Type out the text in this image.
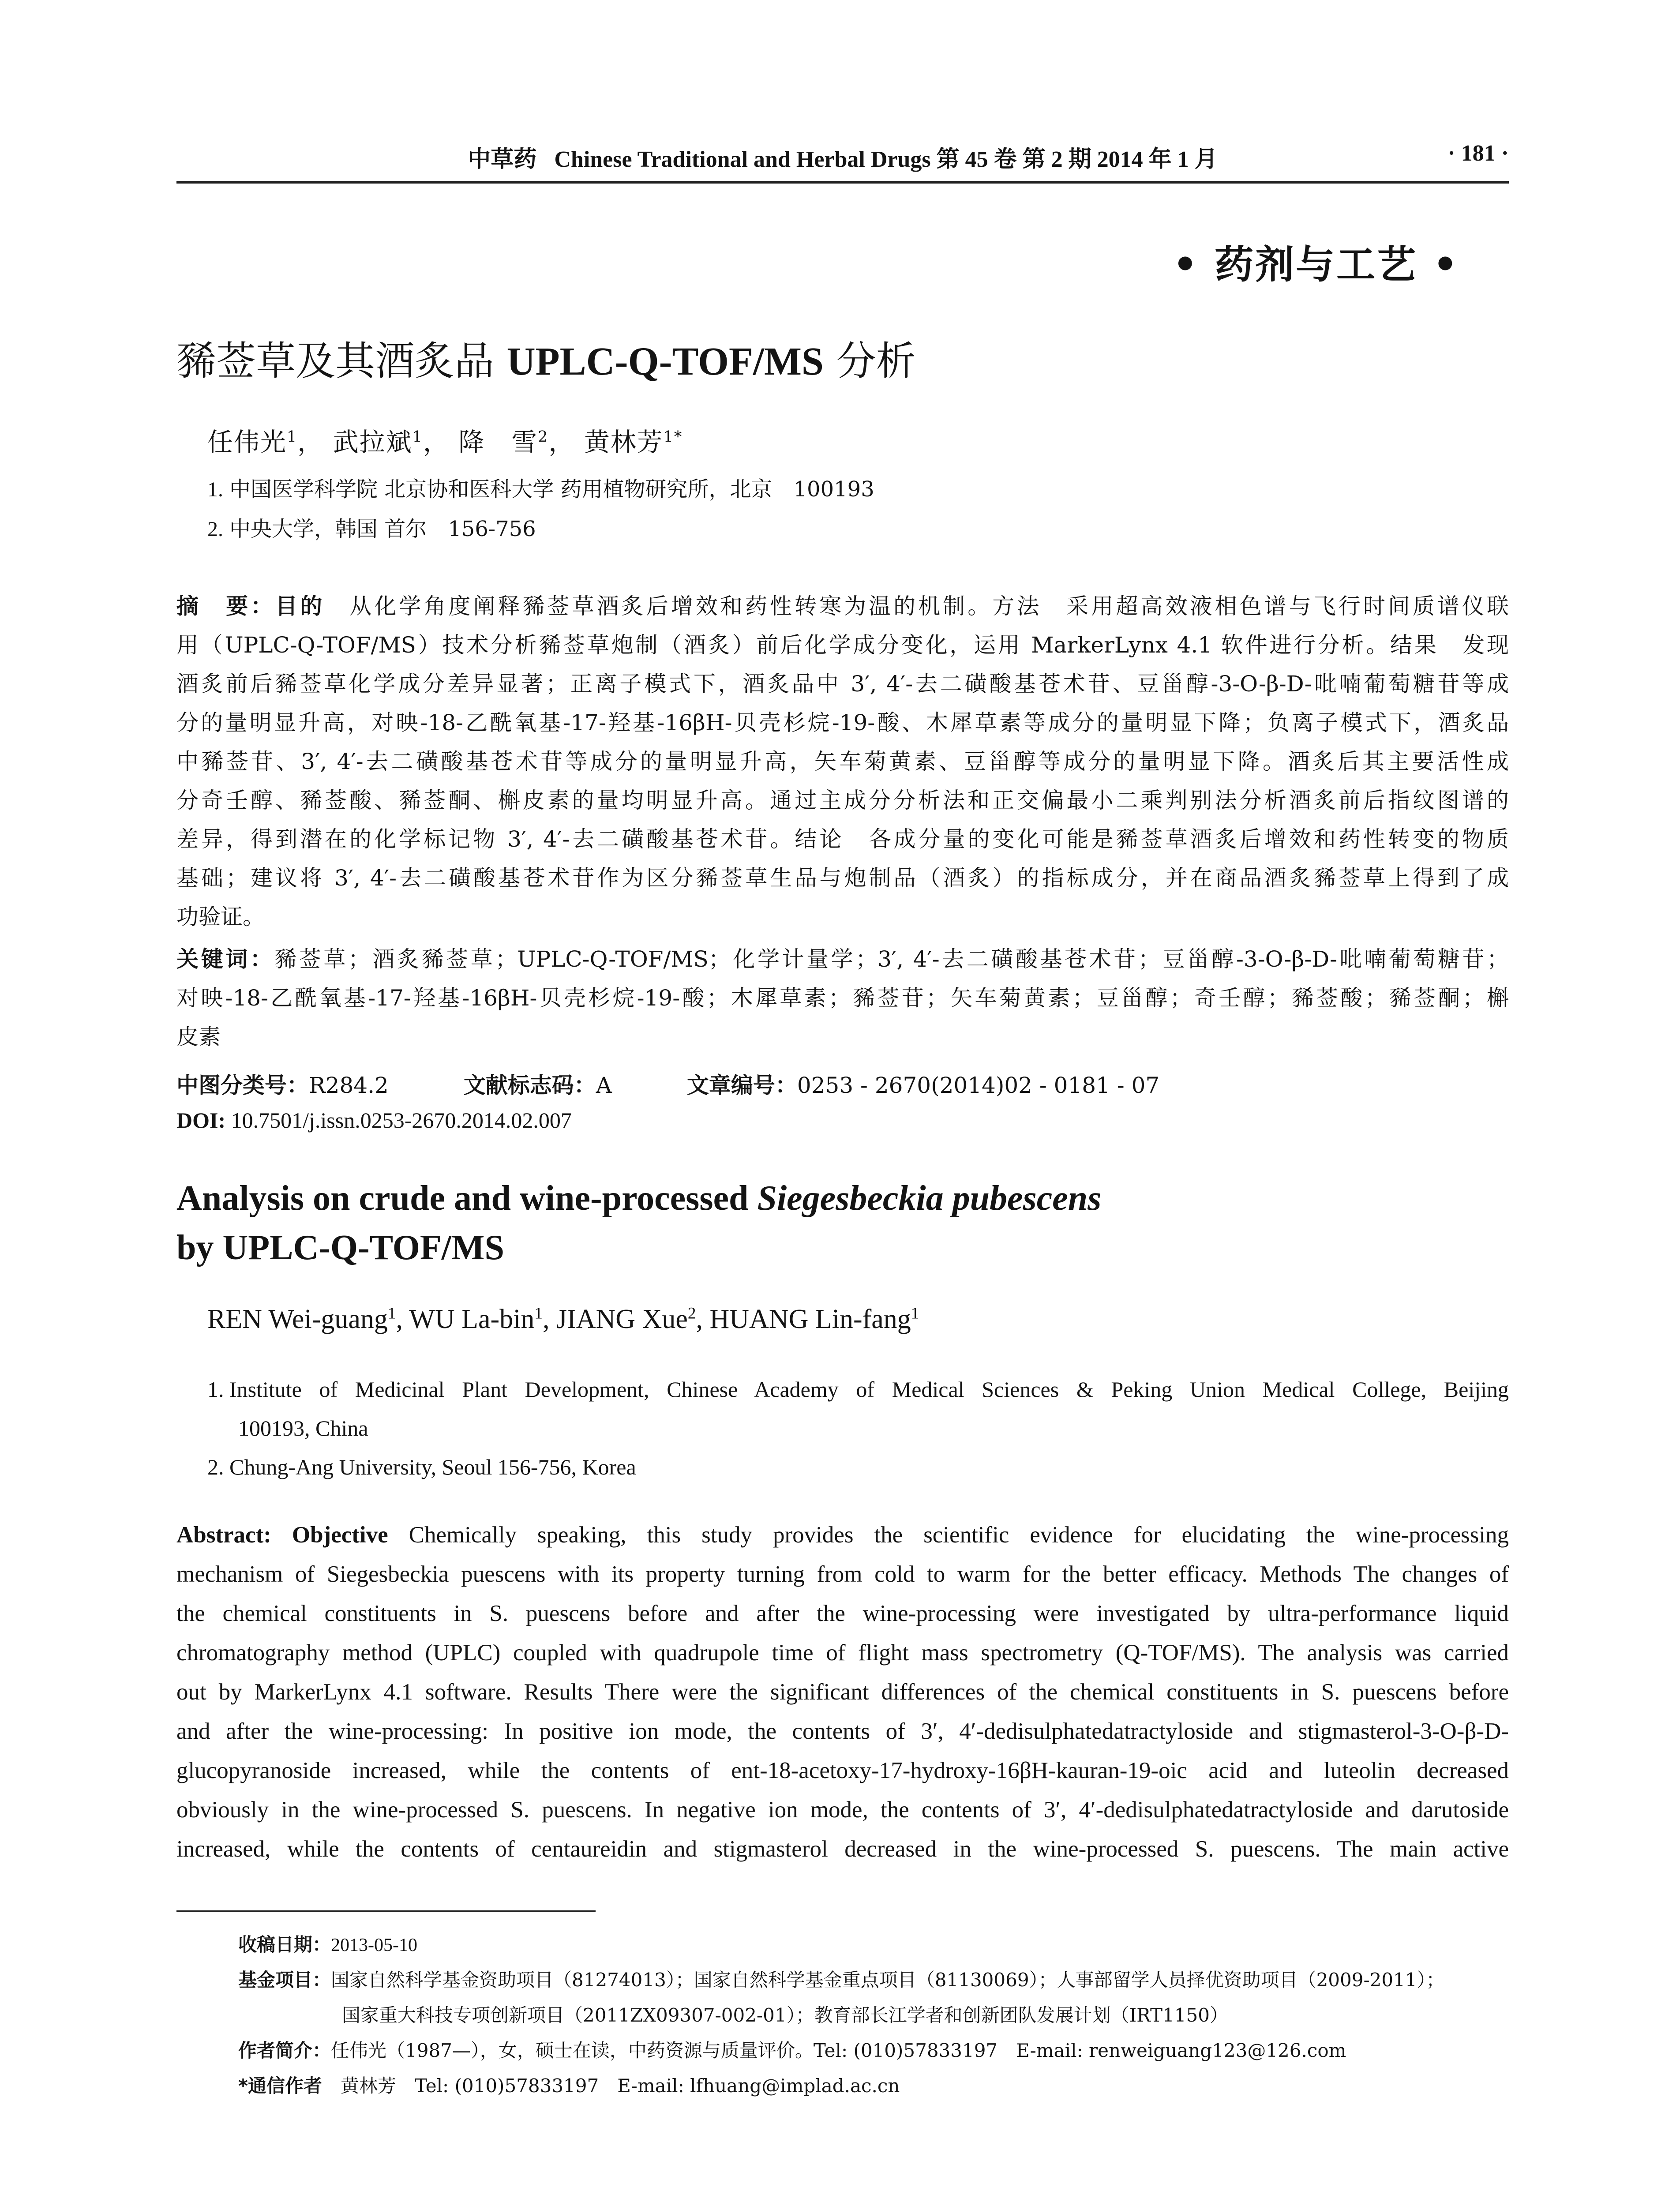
中草药 Chinese Traditional and Herbal Drugs 第 45 卷 第 2 期 2014 年 1 月	· 181 ·
• 药剂与工艺 •
豨莶草及其酒炙品 UPLC-Q-TOF/MS 分析
任伟光$^1$， 武拉斌$^1$， 降　雪$^2$， 黄林芳$^{1*}$
1. 中国医学科学院 北京协和医科大学 药用植物研究所，北京　100193
2. 中央大学，韩国 首尔　156-756
摘　要：目的　从化学角度阐释豨莶草酒炙后增效和药性转寒为温的机制。方法　采用超高效液相色谱与飞行时间质谱仪联
用（UPLC-Q-TOF/MS）技术分析豨莶草炮制（酒炙）前后化学成分变化，运用 MarkerLynx 4.1 软件进行分析。结果　发现
酒炙前后豨莶草化学成分差异显著；正离子模式下，酒炙品中 3′, 4′-去二磺酸基苍术苷、豆甾醇-3-O-β-D-吡喃葡萄糖苷等成
分的量明显升高，对映-18-乙酰氧基-17-羟基-16βH-贝壳杉烷-19-酸、木犀草素等成分的量明显下降；负离子模式下，酒炙品
中豨莶苷、3′, 4′-去二磺酸基苍术苷等成分的量明显升高，矢车菊黄素、豆甾醇等成分的量明显下降。酒炙后其主要活性成
分奇壬醇、豨莶酸、豨莶酮、槲皮素的量均明显升高。通过主成分分析法和正交偏最小二乘判别法分析酒炙前后指纹图谱的
差异，得到潜在的化学标记物 3′, 4′-去二磺酸基苍术苷。结论　各成分量的变化可能是豨莶草酒炙后增效和药性转变的物质
基础；建议将 3′, 4′-去二磺酸基苍术苷作为区分豨莶草生品与炮制品（酒炙）的指标成分，并在商品酒炙豨莶草上得到了成
功验证。
关键词：豨莶草；酒炙豨莶草；UPLC-Q-TOF/MS；化学计量学；3′, 4′-去二磺酸基苍术苷；豆甾醇-3-O-β-D-吡喃葡萄糖苷；
对映-18-乙酰氧基-17-羟基-16βH-贝壳杉烷-19-酸；木犀草素；豨莶苷；矢车菊黄素；豆甾醇；奇壬醇；豨莶酸；豨莶酮；槲
皮素
中图分类号：R284.2	文献标志码：A	文章编号：0253 - 2670(2014)02 - 0181 - 07
DOI: 10.7501/j.issn.0253-2670.2014.02.007
Analysis on crude and wine-processed Siegesbeckia pubescens
by UPLC-Q-TOF/MS
REN Wei-guang$^1$, WU La-bin$^1$, JIANG Xue$^2$, HUANG Lin-fang$^1$
1. Institute of Medicinal Plant Development, Chinese Academy of Medical Sciences & Peking Union Medical College, Beijing
100193, China
2. Chung-Ang University, Seoul 156-756, Korea
Abstract: Objective Chemically speaking, this study provides the scientific evidence for elucidating the wine-processing
mechanism of Siegesbeckia puescens with its property turning from cold to warm for the better efficacy. Methods The changes of
the chemical constituents in S. puescens before and after the wine-processing were investigated by ultra-performance liquid
chromatography method (UPLC) coupled with quadrupole time of flight mass spectrometry (Q-TOF/MS). The analysis was carried
out by MarkerLynx 4.1 software. Results There were the significant differences of the chemical constituents in S. puescens before
and after the wine-processing: In positive ion mode, the contents of 3′, 4′-dedisulphatedatractyloside and stigmasterol-3-O-β-D-
glucopyranoside increased, while the contents of ent-18-acetoxy-17-hydroxy-16βH-kauran-19-oic acid and luteolin decreased
obviously in the wine-processed S. puescens. In negative ion mode, the contents of 3′, 4′-dedisulphatedatractyloside and darutoside
increased, while the contents of centaureidin and stigmasterol decreased in the wine-processed S. puescens. The main active
收稿日期：2013-05-10
基金项目：国家自然科学基金资助项目（81274013）；国家自然科学基金重点项目（81130069）；人事部留学人员择优资助项目（2009-2011）；
国家重大科技专项创新项目（2011ZX09307-002-01）；教育部长江学者和创新团队发展计划（IRT1150）
作者简介：任伟光（1987—），女，硕士在读，中药资源与质量评价。Tel: (010)57833197　E-mail: renweiguang123@126.com
*通信作者　黄林芳　Tel: (010)57833197　E-mail: lfhuang@implad.ac.cn
